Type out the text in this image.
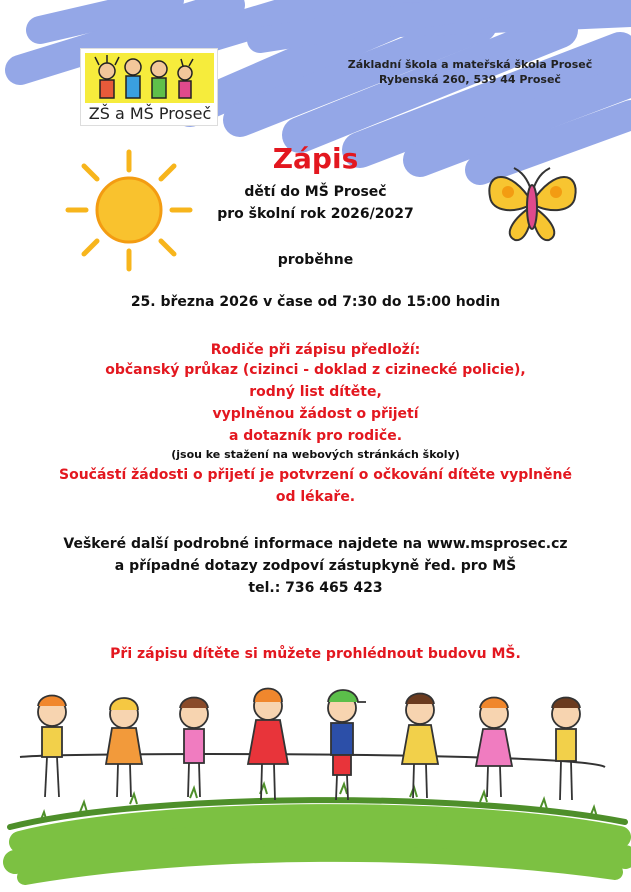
ZŠ a MŠ Proseč
Základní škola a mateřská škola Proseč
Rybenská 260, 539 44 Proseč
Zápis
dětí do MŠ Proseč
pro školní rok 2026/2027
proběhne
25. března 2026 v čase od 7:30 do 15:00 hodin
Rodiče při zápisu předloží:
občanský průkaz (cizinci - doklad z cizinecké policie),
rodný list dítěte,
vyplněnou žádost o přijetí
a dotazník pro rodiče.
(jsou ke stažení na webových stránkách školy)
Součástí žádosti o přijetí je potvrzení o očkování dítěte vyplněné
od lékaře.
Veškeré další podrobné informace najdete na www.msprosec.cz
a případné dotazy zodpoví zástupkyně řed. pro MŠ
tel.: 736 465 423
Při zápisu dítěte si můžete prohlédnout budovu MŠ.
